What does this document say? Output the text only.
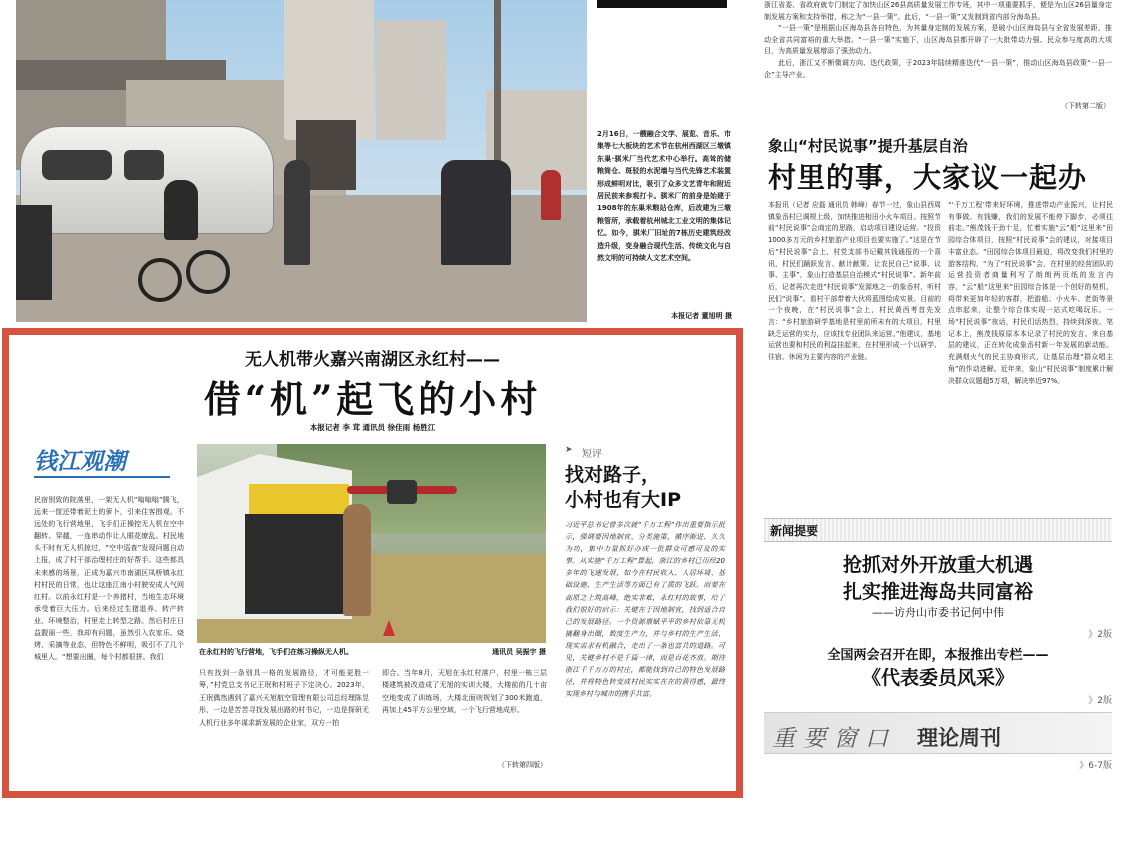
2月16日，一艘融合文学、展览、音乐、市集等七大板块的艺术节在杭州西湖区三墩镇东巢·骐米厂当代艺术中心举行。高耸的储粮筒仓、斑驳的水泥墙与当代先锋艺术装置形成鲜明对比，吸引了众多文艺青年和附近居民前来参观打卡。骐米厂的前身是始建于1908年的东巢米粮站仓库，后改建为三墩粮管所，承载着杭州城北工业文明的集体记忆。如今，骐米厂旧址的7栋历史建筑经改造升级，变身融合现代生活、传统文化与自然文明的可持续人文艺术空间。

本报记者 董旭明 摄

浙江省委、省政府就专门制定了加快山区26县高质量发展工作专班，其中一项重要抓手，便是为山区26县量身定制发展方案和支持举措，称之为“一县一策”。此后，“一县一策”又发制到省内部分海岛县。

“一县一策”是根据山区海岛县各自特色，为其量身定制的发展方案，是破小山区海岛县与全省发展差距，推动全省共同富裕的重大举措。“一县一策”实施下，山区海岛县都开辟了一大批带动力强、民众参与度高的大项目，为高质量发展增添了强劲动力。

此后，浙江又不断微调方向、迭代政策，于2023年陆续精准迭代“一县一策”，推动山区海岛县政策“一县一企”主导产业。

（下转第二版）
象山“村民说事”提升基层自治
村里的事，大家议一起办

本报讯（记者 应磊 通讯员 韩峰）春节一过，象山县西周镇象岙村已调规上级，加快推进相田小火车项目。按照节前“村民说事”会商定的思路，启动项目建设运营。“投资1000多万元的乡村旅游产业项目也要实施了。”这是在节后“村民说事”会上，村党支部书记戴其钱通报的一个喜讯，村民们踊跃发言、献计献策。让农民自己“说事、议事、主事”，象山打造基层自治模式“村民说事”。新年前后，记者再次走进“村民说事”发源地之一的象岙村，听村民们“说事”。看村干部带着大伙将蓝图绘成实景。目前的一个夜晚，在“村民说事”会上，村民黄西考首先发言：“乡村旅游研学基地是村里前所未有的大项目，村里缺乏运营的实力，应该找专业团队来运营。”他建议，基地运营也要和村民的利益挂起来，在村里形成一个以研学、住宿、休闲为主要内容的产业链。

“‘千万工程’带来好环境，推进带动产业振兴，让村民有事做、有钱赚，我们的发展不能停下脚步，必须往前走。”熊茂钱干劲十足，忙着实施“云”船“这里来”田园综合体项目，按照“村民说事”会的建议，对接项目丰富业态。“田园综合体项目最迫，将改变我们村里的游客结构，“为了“村民说事”会，在村里的经营团队的运营投资者商量利写了朗朗两页纸的发言内容，“云”船“这里来”田园综合体是一个创好的契机，将带来更加年轻的客群，把游船、小火车、老街等景点串起来，让整个综合体实现一站式吃喝玩乐。一场“村民说事”夜话，村民们话热烈，持续到深夜。笔记本上，熊茂钱原原本本记录了村民的发言。来自基层的建议，正在转化成象岙村新一年发展的新动能。充满烟火气的民主协商形式，让基层治理“群众唱主角”的作动进解。近年来，象山“村民说事”制度累计解决群众议题超5万项，解决率近97%。

新闻提要
抢抓对外开放重大机遇
扎实推进海岛共同富裕
——访舟山市委书记何中伟
》2版
全国两会召开在即，本报推出专栏——
《代表委员风采》
》2版
重要窗口 理论周刊
》6-7版
无人机带火嘉兴南湖区永红村——
借“机”起飞的小村
本报记者 李 茸 通讯员 徐佳雨 杨胜江
钱江观潮

民宿别致的院落里，一架无人机“嗡嗡嗡”腾飞，远来一筐还带着泥土的萝卜，引来住客围观。不远处的飞行营地里，飞手们正操控无人机在空中翻转、穿越，一连串动作让人眼花缭乱。村民地头不时有无人机掠过，“空中巡查”发现问题自动上报，成了村干部治理村庄的好帮手。这些都具未来感的场景，正成为嘉兴市南湖区凤桥镇永红村村民的日常，也让这座江南小村驶安成人气网红村。以前永红村是一个养猪村，当地生态环境承受着巨大压力。后来经过生猪退养、转产转业、环境整治，村里走上转型之路。然后村庄日益靓丽一些，我却有问题，虽然引入农家乐、烧烤、采摘等业态，但特色不鲜明，吸引不了几个城里人。“想要出圈，每个村都很拼。我们

在永红村的飞行营地，飞手们在练习操纵无人机。	通讯员 吴振宇 摄

只有找到一条别具一格的发展路径，才可能更胜一筹，”村党总支书记王珉和村班子下定决心。2023年，王珉偶然遇到了嘉兴天旭航空管理有限公司总经理陈昱彤，一边是苦苦寻找发展出路的村书记，一边是探研无人机行业多年谋求新发展的企业家，双方一拍

即合。当年8月，天旭在永红村落户，村里一栋三层楼建筑被改造成了无旭的实训大楼，大楼前的几十亩空地变成了训练场，大楼北面则规划了300米跑道，再加上45平方公里空域，一个飞行营地成形。

（下转第四版）
➤ 短评
找对路子，
小村也有大IP

习近平总书记曾多次就“千万工程”作出重要指示批示，强调要因地制宜、分类施策，循序渐进、久久为功，集中力量抓好办成一批群众可感可及的实事。从实施“千万工程”算起，浙江的乡村已历经20多年的飞速发展，如今在村民收入、人居环境、基础设施、生产生活等方面已有了质的飞跃。而要在高原之上筑高峰，绝实非难，永红村的故事，给了我们很好的启示：关键在于因地制宜，找到适合自己的发展路径。一个资源禀赋平平的乡村依靠无机撬翻身出圈，数度生产力，并与乡村的生产生活、现实需求有机融合，走出了一条也富共的道路。可见，关键乡村不是千篇一律，而是百花齐放。期待浙江千千万万的村庄，都能找到自己的特色发展路径，并将特色转变成村民实实在在的获得感，最终实现乡村与城市的携手共富。
